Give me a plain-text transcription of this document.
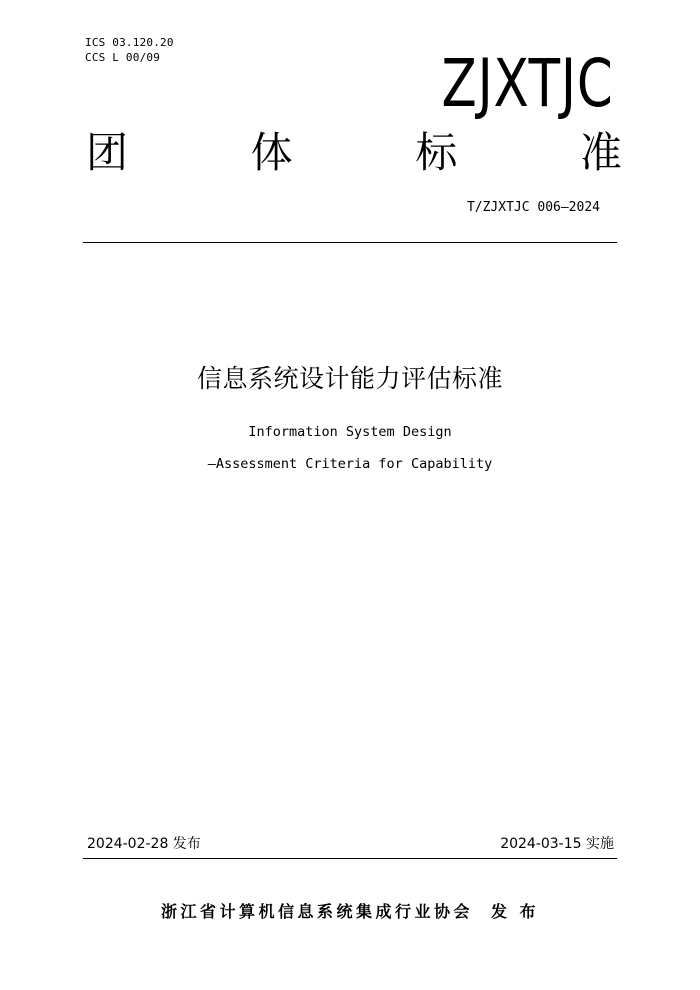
ICS 03.120.20
CCS L 00/09	ZJXTJC
团	体	标	准
T/ZJXTJC 006—2024
信息系统设计能力评估标准
Information System Design
—Assessment Criteria for Capability
2024-02-28 发布	2024-03-15 实施
浙江省计算机信息系统集成行业协会 发 布
